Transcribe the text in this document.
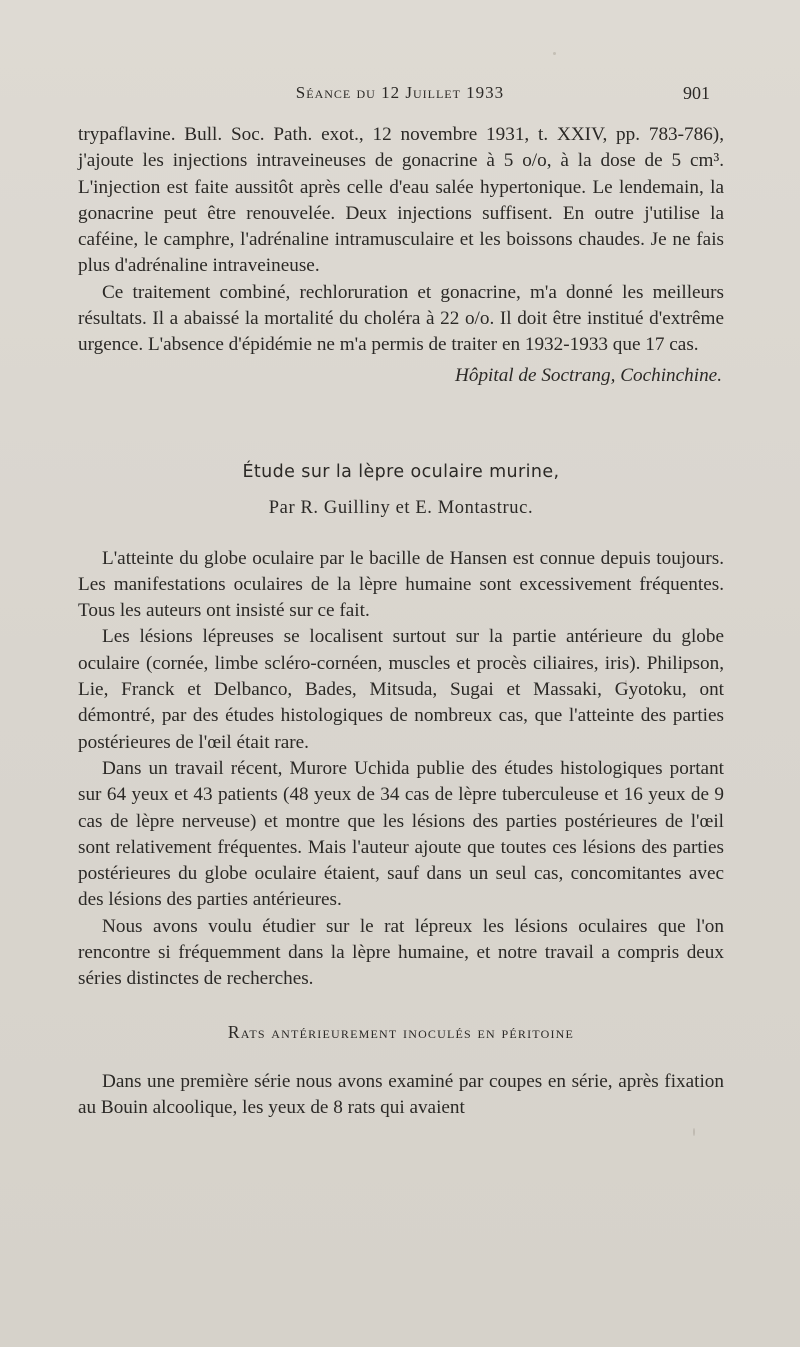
Séance du 12 Juillet 1933	901

trypaflavine. Bull. Soc. Path. exot., 12 novembre 1931, t. XXIV, pp. 783-786), j'ajoute les injections intraveineuses de gonacrine à 5 o/o, à la dose de 5 cm³. L'injection est faite aussitôt après celle d'eau salée hypertonique. Le lendemain, la gonacrine peut être renouvelée. Deux injections suffisent. En outre j'utilise la caféine, le camphre, l'adrénaline intramusculaire et les boissons chaudes. Je ne fais plus d'adrénaline intraveineuse.

Ce traitement combiné, rechloruration et gonacrine, m'a donné les meilleurs résultats. Il a abaissé la mortalité du choléra à 22 o/o. Il doit être institué d'extrême urgence. L'absence d'épidémie ne m'a permis de traiter en 1932-1933 que 17 cas.

Hôpital de Soctrang, Cochinchine.

Étude sur la lèpre oculaire murine,

Par R. Guilliny et E. Montastruc.

L'atteinte du globe oculaire par le bacille de Hansen est connue depuis toujours. Les manifestations oculaires de la lèpre humaine sont excessivement fréquentes. Tous les auteurs ont insisté sur ce fait.

Les lésions lépreuses se localisent surtout sur la partie antérieure du globe oculaire (cornée, limbe scléro-cornéen, muscles et procès ciliaires, iris). Philipson, Lie, Franck et Delbanco, Bades, Mitsuda, Sugai et Massaki, Gyotoku, ont démontré, par des études histologiques de nombreux cas, que l'atteinte des parties postérieures de l'œil était rare.

Dans un travail récent, Murore Uchida publie des études histologiques portant sur 64 yeux et 43 patients (48 yeux de 34 cas de lèpre tuberculeuse et 16 yeux de 9 cas de lèpre nerveuse) et montre que les lésions des parties postérieures de l'œil sont relativement fréquentes. Mais l'auteur ajoute que toutes ces lésions des parties postérieures du globe oculaire étaient, sauf dans un seul cas, concomitantes avec des lésions des parties antérieures.

Nous avons voulu étudier sur le rat lépreux les lésions oculaires que l'on rencontre si fréquemment dans la lèpre humaine, et notre travail a compris deux séries distinctes de recherches.

Rats antérieurement inoculés en péritoine

Dans une première série nous avons examiné par coupes en série, après fixation au Bouin alcoolique, les yeux de 8 rats qui avaient
